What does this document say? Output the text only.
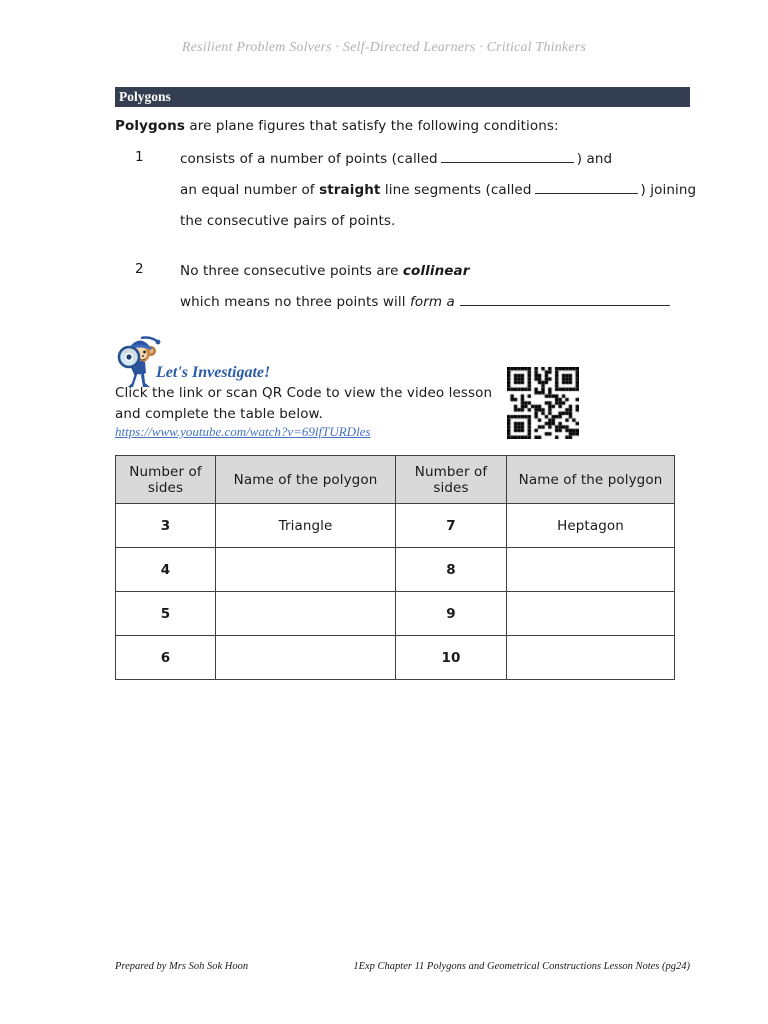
Resilient Problem Solvers · Self-Directed Learners · Critical Thinkers
Polygons
Polygons are plane figures that satisfy the following conditions:
1	consists of a number of points (called	) and
an equal number of straight line segments (called	) joining
the consecutive pairs of points.
2	No three consecutive points are collinear
which means no three points will form a
Let's Investigate!
Click the link or scan QR Code to view the video lesson
and complete the table below.
https://www.youtube.com/watch?v=69lfTURDles
Number of sides	Name of the polygon	Number of sides	Name of the polygon
3	Triangle	7	Heptagon
4		8	
5		9	
6		10	
Prepared by Mrs Soh Sok Hoon	1Exp Chapter 11 Polygons and Geometrical Constructions Lesson Notes (pg24)
